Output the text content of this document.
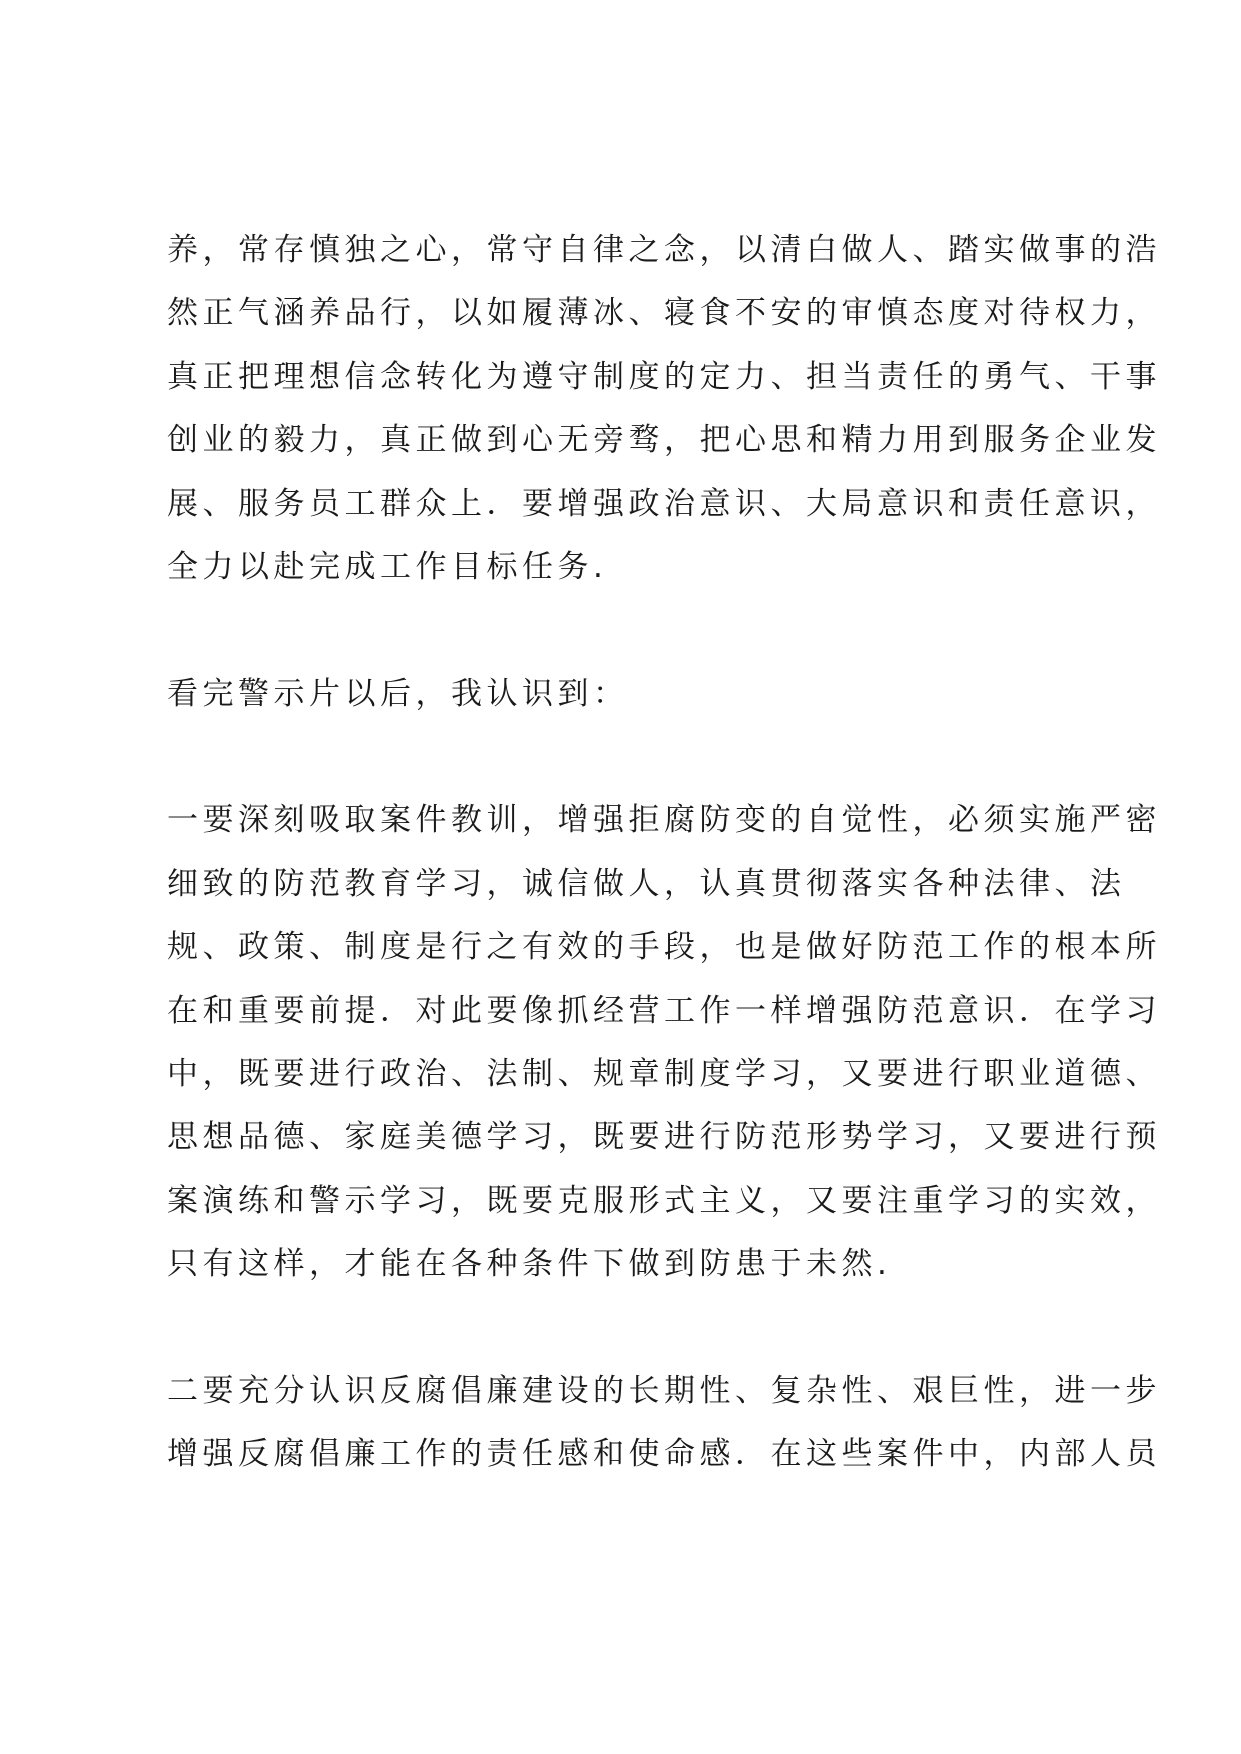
养，常存慎独之心，常守自律之念，以清白做人、踏实做事的浩
然正气涵养品行，以如履薄冰、寝食不安的审慎态度对待权力，
真正把理想信念转化为遵守制度的定力、担当责任的勇气、干事
创业的毅力，真正做到心无旁骛，把心思和精力用到服务企业发
展、服务员工群众上．要增强政治意识、大局意识和责任意识，
全力以赴完成工作目标任务.
看完警示片以后，我认识到：
一要深刻吸取案件教训，增强拒腐防变的自觉性，必须实施严密
细致的防范教育学习，诚信做人，认真贯彻落实各种法律、法
规、政策、制度是行之有效的手段，也是做好防范工作的根本所
在和重要前提．对此要像抓经营工作一样增强防范意识．在学习
中，既要进行政治、法制、规章制度学习，又要进行职业道德、
思想品德、家庭美德学习，既要进行防范形势学习，又要进行预
案演练和警示学习，既要克服形式主义，又要注重学习的实效，
只有这样，才能在各种条件下做到防患于未然.
二要充分认识反腐倡廉建设的长期性、复杂性、艰巨性，进一步
增强反腐倡廉工作的责任感和使命感．在这些案件中，内部人员
